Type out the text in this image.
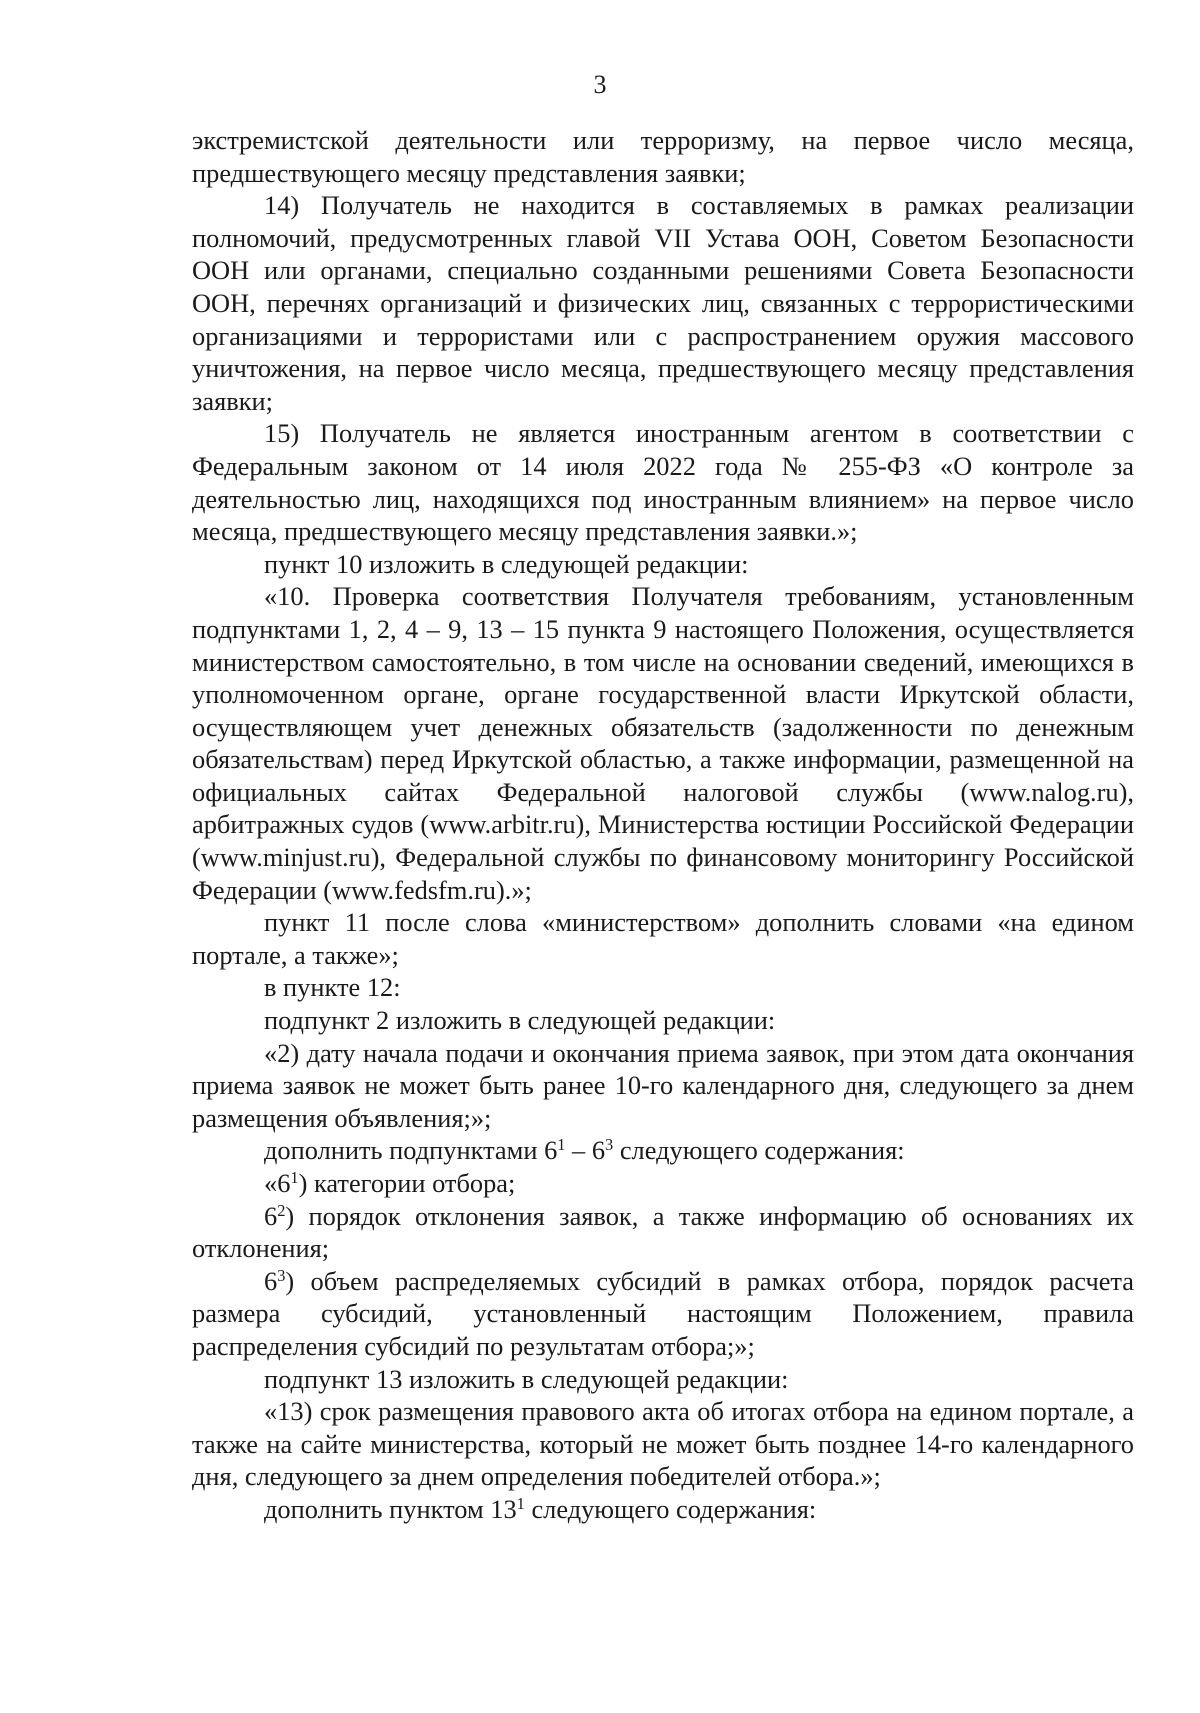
3

экстремистской деятельности или терроризму, на первое число месяца, предшествующего месяцу представления заявки;

14) Получатель не находится в составляемых в рамках реализации полномочий, предусмотренных главой VII Устава ООН, Советом Безопасности ООН или органами, специально созданными решениями Совета Безопасности ООН, перечнях организаций и физических лиц, связанных с террористическими организациями и террористами или с распространением оружия массового уничтожения, на первое число месяца, предшествующего месяцу представления заявки;

15) Получатель не является иностранным агентом в соответствии с Федеральным законом от 14 июля 2022 года № 255-ФЗ «О контроле за деятельностью лиц, находящихся под иностранным влиянием» на первое число месяца, предшествующего месяцу представления заявки.»;

пункт 10 изложить в следующей редакции:

«10. Проверка соответствия Получателя требованиям, установленным подпунктами 1, 2, 4 – 9, 13 – 15 пункта 9 настоящего Положения, осуществляется министерством самостоятельно, в том числе на основании сведений, имеющихся в уполномоченном органе, органе государственной власти Иркутской области, осуществляющем учет денежных обязательств (задолженности по денежным обязательствам) перед Иркутской областью, а также информации, размещенной на официальных сайтах Федеральной налоговой службы (www.nalog.ru), арбитражных судов (www.arbitr.ru), Министерства юстиции Российской Федерации (www.minjust.ru), Федеральной службы по финансовому мониторингу Российской Федерации (www.fedsfm.ru).»;

пункт 11 после слова «министерством» дополнить словами «на едином портале, а также»;

в пункте 12:

подпункт 2 изложить в следующей редакции:

«2) дату начала подачи и окончания приема заявок, при этом дата окончания приема заявок не может быть ранее 10-го календарного дня, следующего за днем размещения объявления;»;

дополнить подпунктами $6^1 - 6^3$ следующего содержания:

«$6^1$) категории отбора;

$6^2$) порядок отклонения заявок, а также информацию об основаниях их отклонения;

$6^3$) объем распределяемых субсидий в рамках отбора, порядок расчета размера субсидий, установленный настоящим Положением, правила распределения субсидий по результатам отбора;»;

подпункт 13 изложить в следующей редакции:

«13) срок размещения правового акта об итогах отбора на едином портале, а также на сайте министерства, который не может быть позднее 14-го календарного дня, следующего за днем определения победителей отбора.»;

дополнить пунктом $13^1$ следующего содержания:
